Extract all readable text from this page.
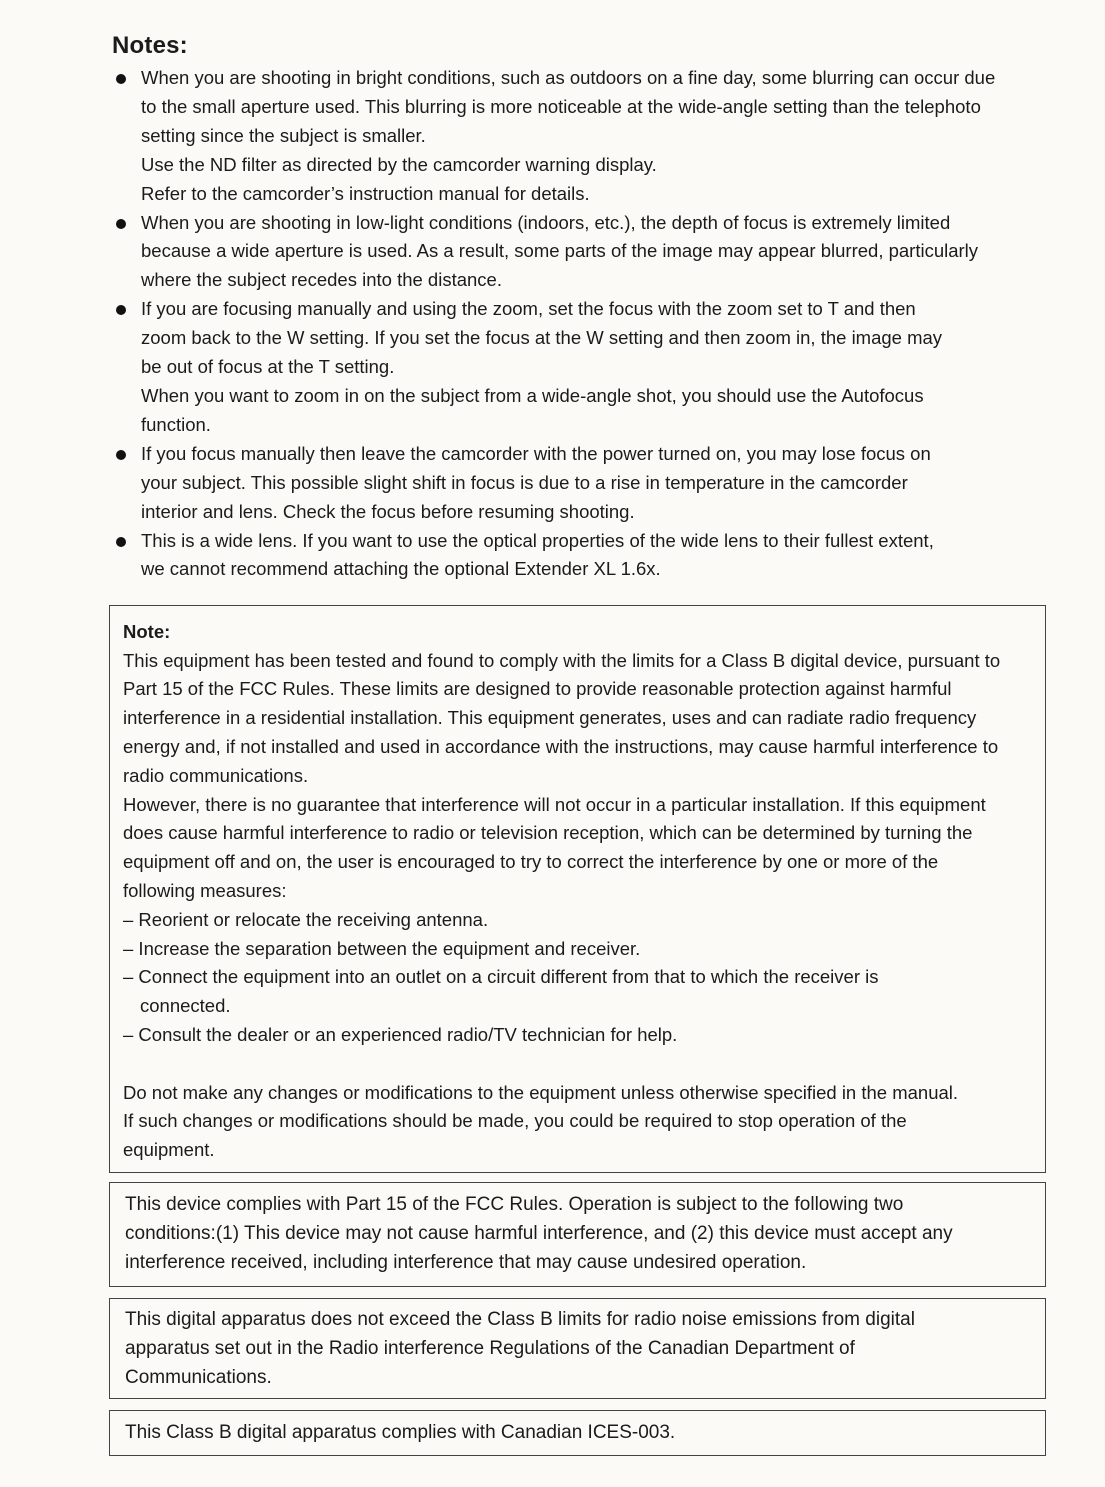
Notes:
When you are shooting in bright conditions, such as outdoors on a fine day, some blurring can occur due
to the small aperture used. This blurring is more noticeable at the wide-angle setting than the telephoto
setting since the subject is smaller.
Use the ND filter as directed by the camcorder warning display.
Refer to the camcorder’s instruction manual for details.
When you are shooting in low-light conditions (indoors, etc.), the depth of focus is extremely limited
because a wide aperture is used. As a result, some parts of the image may appear blurred, particularly
where the subject recedes into the distance.
If you are focusing manually and using the zoom, set the focus with the zoom set to T and then
zoom back to the W setting. If you set the focus at the W setting and then zoom in, the image may
be out of focus at the T setting.
When you want to zoom in on the subject from a wide-angle shot, you should use the Autofocus
function.
If you focus manually then leave the camcorder with the power turned on, you may lose focus on
your subject. This possible slight shift in focus is due to a rise in temperature in the camcorder
interior and lens. Check the focus before resuming shooting.
This is a wide lens. If you want to use the optical properties of the wide lens to their fullest extent,
we cannot recommend attaching the optional Extender XL 1.6x.
Note:
This equipment has been tested and found to comply with the limits for a Class B digital device, pursuant to
Part 15 of the FCC Rules. These limits are designed to provide reasonable protection against harmful
interference in a residential installation. This equipment generates, uses and can radiate radio frequency
energy and, if not installed and used in accordance with the instructions, may cause harmful interference to
radio communications.
However, there is no guarantee that interference will not occur in a particular installation. If this equipment
does cause harmful interference to radio or television reception, which can be determined by turning the
equipment off and on, the user is encouraged to try to correct the interference by one or more of the
following measures:
– Reorient or relocate the receiving antenna.
– Increase the separation between the equipment and receiver.
– Connect the equipment into an outlet on a circuit different from that to which the receiver is
connected.
– Consult the dealer or an experienced radio/TV technician for help.
Do not make any changes or modifications to the equipment unless otherwise specified in the manual.
If such changes or modifications should be made, you could be required to stop operation of the
equipment.
This device complies with Part 15 of the FCC Rules. Operation is subject to the following two
conditions:(1) This device may not cause harmful interference, and (2) this device must accept any
interference received, including interference that may cause undesired operation.
This digital apparatus does not exceed the Class B limits for radio noise emissions from digital
apparatus set out in the Radio interference Regulations of the Canadian Department of
Communications.
This Class B digital apparatus complies with Canadian ICES-003.
